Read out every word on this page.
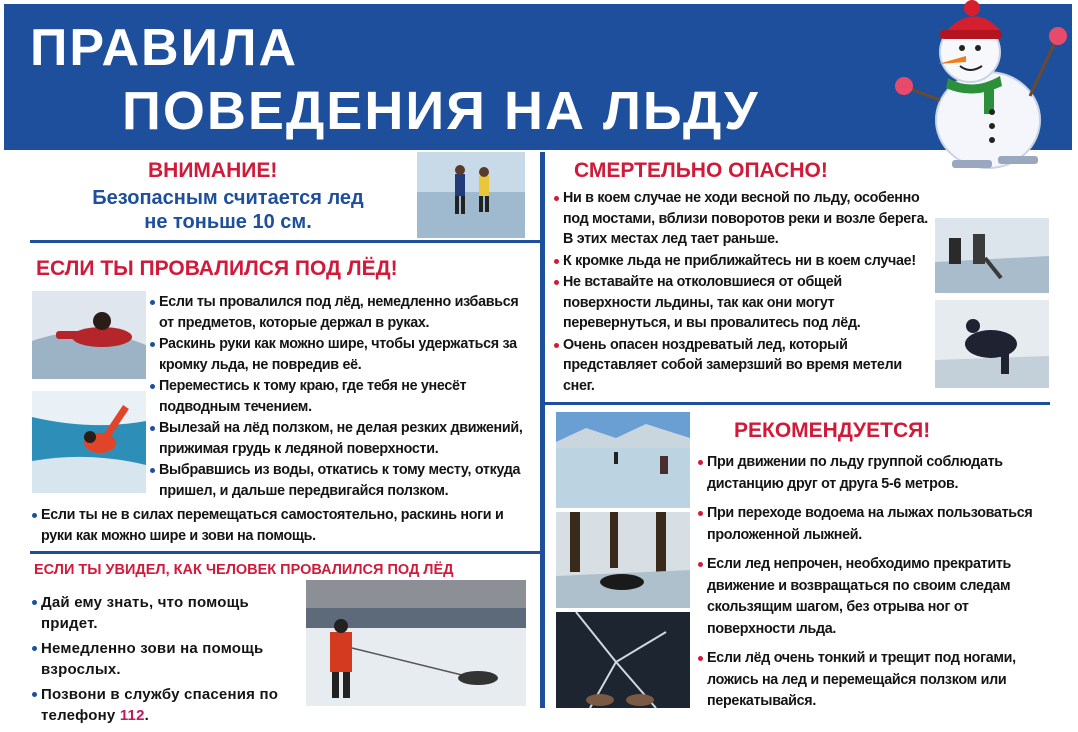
ПРАВИЛА
ПОВЕДЕНИЯ НА ЛЬДУ
ВНИМАНИЕ!
Безопасным считается лед
не тоньше 10 см.
ЕСЛИ ТЫ ПРОВАЛИЛСЯ ПОД ЛЁД!
Если ты провалился под лёд, немедленно избавься от предметов, которые держал в руках.
Раскинь руки как можно шире, чтобы удержаться за кромку льда, не повредив её.
Переместись к тому краю, где тебя не унесёт подводным течением.
Вылезай на лёд ползком, не делая резких движений, прижимая грудь к ледяной поверхности.
Выбравшись из воды, откатись к тому месту, откуда пришел, и дальше передвигайся ползком.
Если ты не в силах перемещаться самостоятельно, раскинь ноги и руки как можно шире и зови на помощь.
ЕСЛИ ТЫ УВИДЕЛ, КАК ЧЕЛОВЕК ПРОВАЛИЛСЯ ПОД ЛЁД
Дай ему знать, что помощь придет.
Немедленно зови на помощь взрослых.
Позвони в службу спасения по телефону 112.
СМЕРТЕЛЬНО ОПАСНО!
Ни в коем случае не ходи весной по льду, особенно под мостами, вблизи поворотов реки и возле берега. В этих местах лед тает раньше.
К кромке льда не приближайтесь ни в коем случае!
Не вставайте на отколовшиеся от общей поверхности льдины, так как они могут перевернуться, и вы провалитесь под лёд.
Очень опасен ноздреватый лед, который представляет собой замерзший во время метели снег.
РЕКОМЕНДУЕТСЯ!
При движении по льду группой соблюдать дистанцию друг от друга 5-6 метров.
При переходе водоема на лыжах пользоваться проложенной лыжней.
Если лед непрочен, необходимо прекратить движение и возвращаться по своим следам скользящим шагом, без отрыва ног от поверхности льда.
Если лёд очень тонкий и трещит под ногами, ложись на лед и перемещайся ползком или перекатывайся.
